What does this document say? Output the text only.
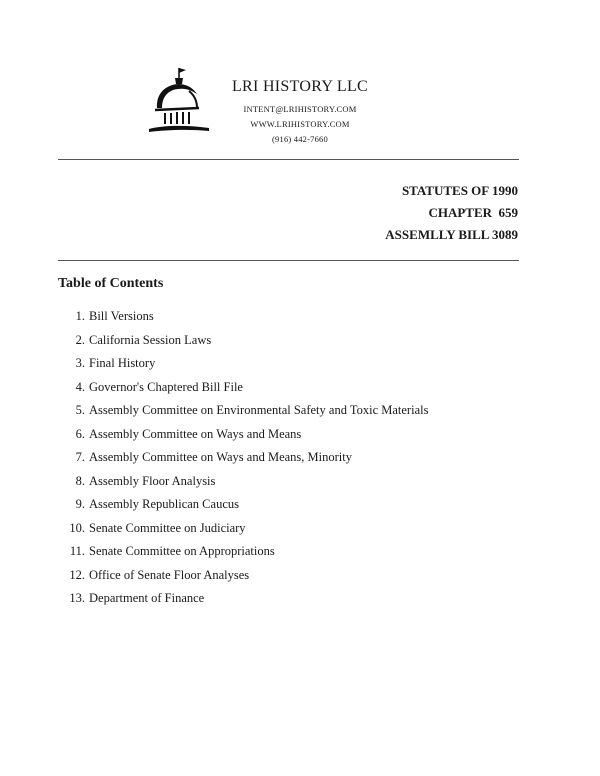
LRI HISTORY LLC
INTENT@LRIHISTORY.COM
WWW.LRIHISTORY.COM
(916) 442-7660
STATUTES OF 1990
CHAPTER  659
ASSEMLLY BILL 3089
Table of Contents
1. Bill Versions
2. California Session Laws
3. Final History
4. Governor's Chaptered Bill File
5. Assembly Committee on Environmental Safety and Toxic Materials
6. Assembly Committee on Ways and Means
7. Assembly Committee on Ways and Means, Minority
8. Assembly Floor Analysis
9. Assembly Republican Caucus
10. Senate Committee on Judiciary
11. Senate Committee on Appropriations
12. Office of Senate Floor Analyses
13. Department of Finance
